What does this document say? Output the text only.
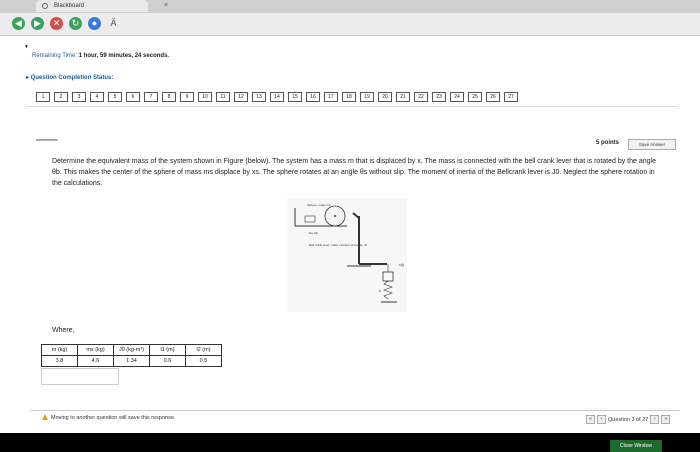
Blackboard	×
◀	▶	✕	↻	●	Ä
▼
Remaining Time: 1 hour, 59 minutes, 24 seconds.
▸ Question Completion Status:
1	2	3	4	5	6	7	8	9	10	11	12	13	14	15	16	17	18	19	20	21	22	23	24	25	26	27
━━━━━━	5 points	Save Answer
Determine the equivalent mass of the system shown in Figure (below). The system has a mass m that is displaced by x. The mass is connected with the bell crank lever that is rotated by the angle θb. This makes the center of the sphere of mass ms displace by xs. The sphere rotates at an angle θs without slip. The moment of inertia of the Bellcrank lever is J0. Neglect the sphere rotation in the calculations.
Sphere, mass ms
No slip
Bell crank lever, mass moment of inertia, J0
x(t)
k
Where,
m (kg)	ms (kg)	J0 (kg-m²)	l1 (m)	l2 (m)
3.8	4.6	1.34	0.6	0.5
Moving to another question will save this response.	«	‹	Question 3 of 27	›	»
Close Window
